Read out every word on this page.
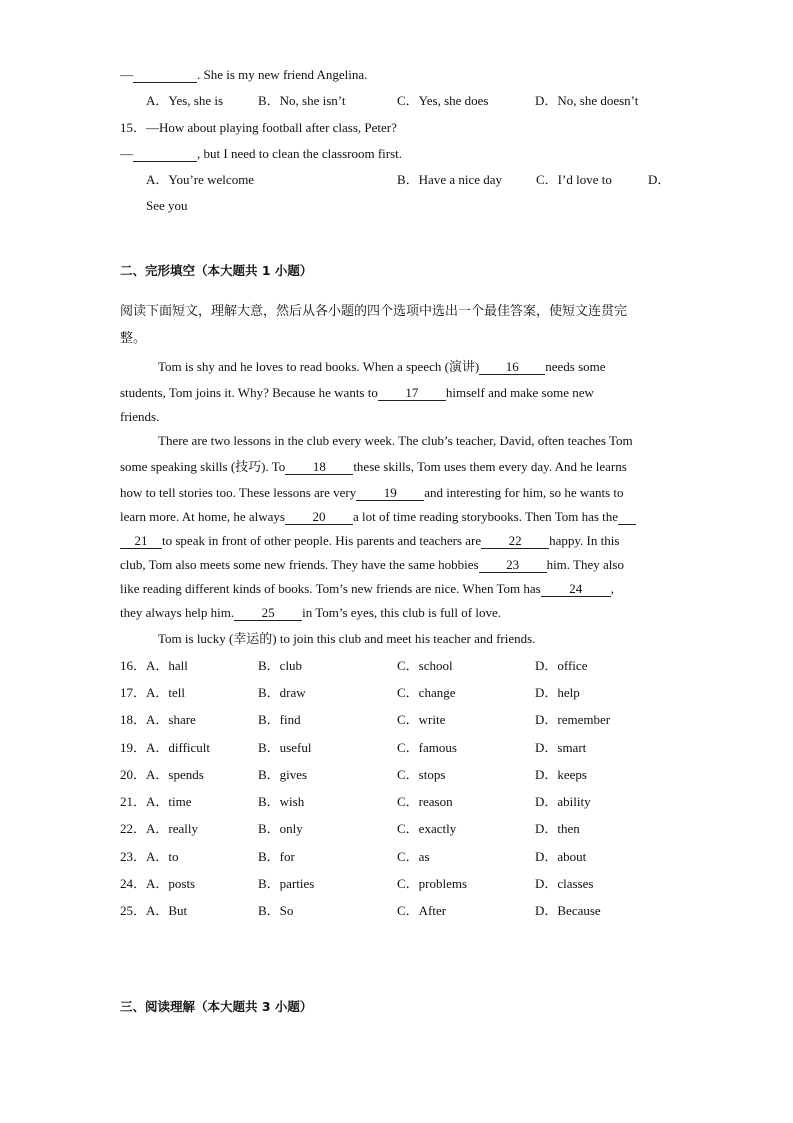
—	. She is my new friend Angelina.
A．Yes, she is	B．No, she isn’t	C．Yes, she does	D．No, she doesn’t
15．—How about playing football after class, Peter?
—	, but I need to clean the classroom first.
A．You’re welcome	B．Have a nice day	C．I’d love to	D．
See you
二、完形填空（本大题共 1 小题）
阅读下面短文，理解大意，然后从各小题的四个选项中选出一个最佳答案，使短文连贯完
整。
Tom is shy and he loves to read books. When a speech (演讲) 16 needs some
students, Tom joins it. Why? Because he wants to 17 himself and make some new
friends.
There are two lessons in the club every week. The club’s teacher, David, often teaches Tom
some speaking skills (技巧). To 18 these skills, Tom uses them every day. And he learns
how to tell stories too. These lessons are very 19 and interesting for him, so he wants to
learn more. At home, he always 20 a lot of time reading storybooks. Then Tom has the
21 to speak in front of other people. His parents and teachers are 22 happy. In this
club, Tom also meets some new friends. They have the same hobbies 23 him. They also
like reading different kinds of books. Tom’s new friends are nice. When Tom has 24 ,
they always help him. 25 in Tom’s eyes, this club is full of love.
Tom is lucky (幸运的) to join this club and meet his teacher and friends.
16． A．hall	B．club	C．school	D．office
17． A．tell	B．draw	C．change	D．help
18． A．share	B．find	C．write	D．remember
19． A．difficult	B．useful	C．famous	D．smart
20． A．spends	B．gives	C．stops	D．keeps
21． A．time	B．wish	C．reason	D．ability
22． A．really	B．only	C．exactly	D．then
23． A．to	B．for	C．as	D．about
24． A．posts	B．parties	C．problems	D．classes
25． A．But	B．So	C．After	D．Because
三、阅读理解（本大题共 3 小题）
